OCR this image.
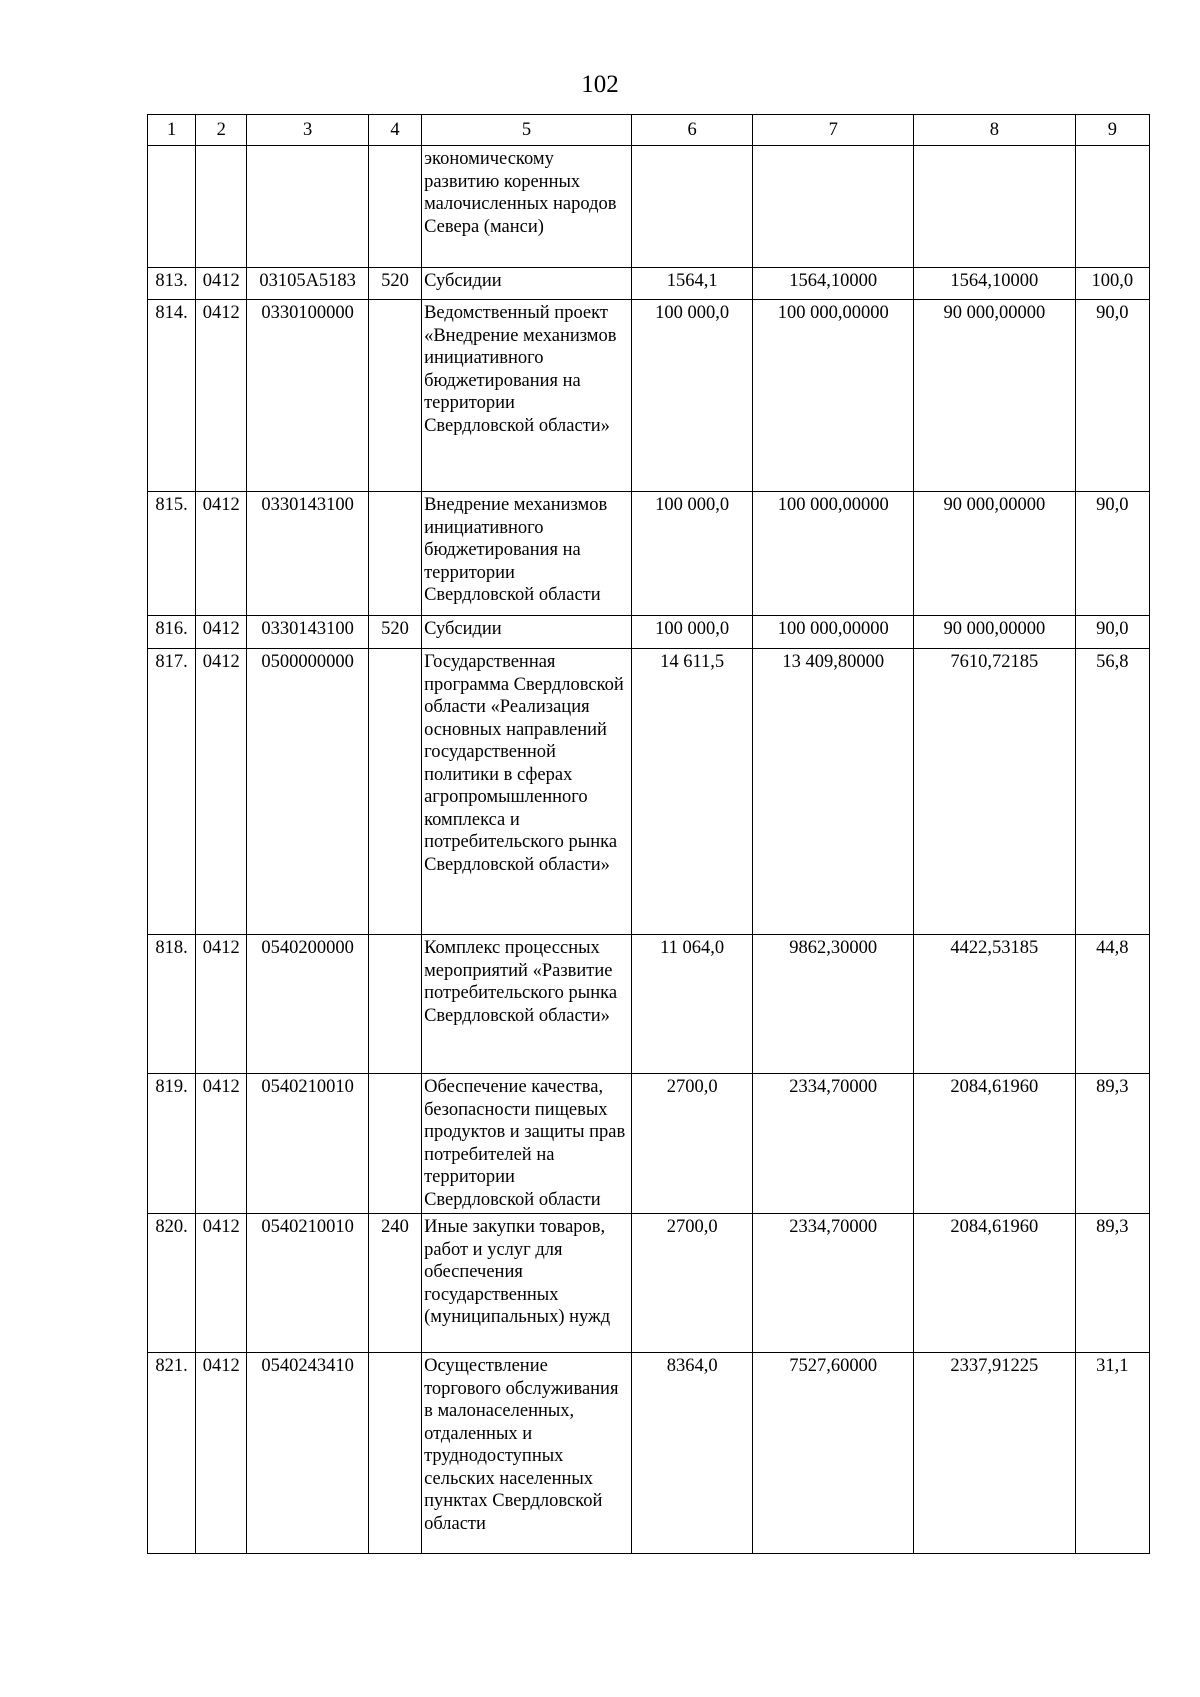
102
1	2	3	4	5	6	7	8	9
				экономическому развитию коренных малочисленных народов Севера (манси)				
813.	0412	03105А5183	520	Субсидии	1564,1	1564,10000	1564,10000	100,0
814.	0412	0330100000		Ведомственный проект «Внедрение механизмов инициативного бюджетирования на территории Свердловской области»	100 000,0	100 000,00000	90 000,00000	90,0
815.	0412	0330143100		Внедрение механизмов инициативного бюджетирования на территории Свердловской области	100 000,0	100 000,00000	90 000,00000	90,0
816.	0412	0330143100	520	Субсидии	100 000,0	100 000,00000	90 000,00000	90,0
817.	0412	0500000000		Государственная программа Свердловской области «Реализация основных направлений государственной политики в сферах агропромышленного комплекса и потребительского рынка Свердловской области»	14 611,5	13 409,80000	7610,72185	56,8
818.	0412	0540200000		Комплекс процессных мероприятий «Развитие потребительского рынка Свердловской области»	11 064,0	9862,30000	4422,53185	44,8
819.	0412	0540210010		Обеспечение качества, безопасности пищевых продуктов и защиты прав потребителей на территории Свердловской области	2700,0	2334,70000	2084,61960	89,3
820.	0412	0540210010	240	Иные закупки товаров, работ и услуг для обеспечения государственных (муниципальных) нужд	2700,0	2334,70000	2084,61960	89,3
821.	0412	0540243410		Осуществление торгового обслуживания в малонаселенных, отдаленных и труднодоступных сельских населенных пунктах Свердловской области	8364,0	7527,60000	2337,91225	31,1
